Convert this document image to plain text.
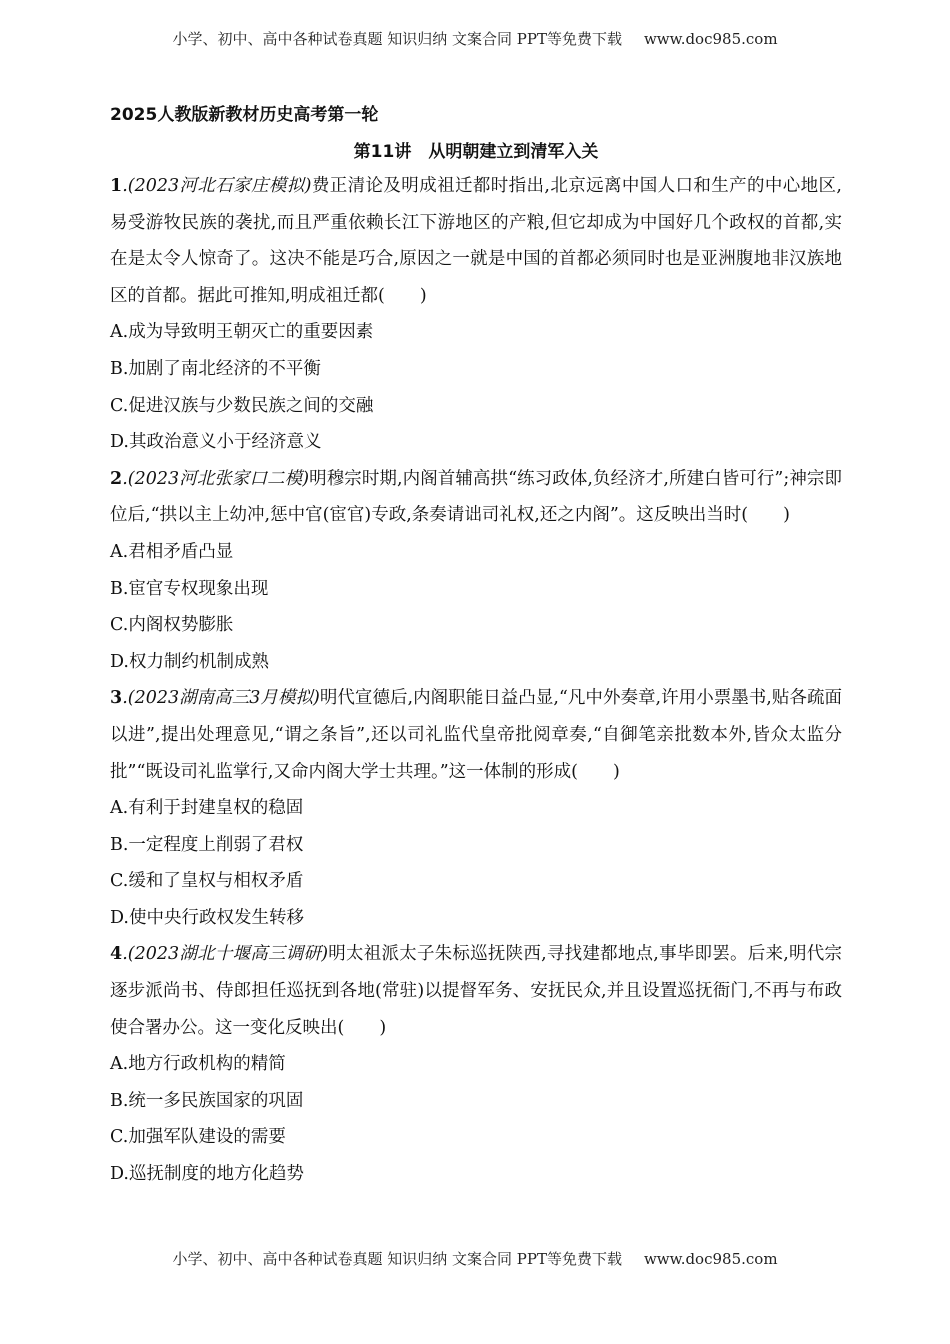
小学、初中、高中各种试卷真题 知识归纳 文案合同 PPT等免费下载 www.doc985.com

2025人教版新教材历史高考第一轮

第11讲　从明朝建立到清军入关

1.(2023河北石家庄模拟)费正清论及明成祖迁都时指出,北京远离中国人口和生产的中心地区,易受游牧民族的袭扰,而且严重依赖长江下游地区的产粮,但它却成为中国好几个政权的首都,实在是太令人惊奇了。这决不能是巧合,原因之一就是中国的首都必须同时也是亚洲腹地非汉族地区的首都。据此可推知,明成祖迁都(　　)

A.成为导致明王朝灭亡的重要因素

B.加剧了南北经济的不平衡

C.促进汉族与少数民族之间的交融

D.其政治意义小于经济意义

2.(2023河北张家口二模)明穆宗时期,内阁首辅高拱“练习政体,负经济才,所建白皆可行”;神宗即位后,“拱以主上幼冲,惩中官(宦官)专政,条奏请诎司礼权,还之内阁”。这反映出当时(　　)

A.君相矛盾凸显

B.宦官专权现象出现

C.内阁权势膨胀

D.权力制约机制成熟

3.(2023湖南高三3月模拟)明代宣德后,内阁职能日益凸显,“凡中外奏章,许用小票墨书,贴各疏面以进”,提出处理意见,“谓之条旨”,还以司礼监代皇帝批阅章奏,“自御笔亲批数本外,皆众太监分批”“既设司礼监掌行,又命内阁大学士共理。”这一体制的形成(　　)

A.有利于封建皇权的稳固

B.一定程度上削弱了君权

C.缓和了皇权与相权矛盾

D.使中央行政权发生转移

4.(2023湖北十堰高三调研)明太祖派太子朱标巡抚陕西,寻找建都地点,事毕即罢。后来,明代宗逐步派尚书、侍郎担任巡抚到各地(常驻)以提督军务、安抚民众,并且设置巡抚衙门,不再与布政使合署办公。这一变化反映出(　　)

A.地方行政机构的精简

B.统一多民族国家的巩固

C.加强军队建设的需要

D.巡抚制度的地方化趋势

小学、初中、高中各种试卷真题 知识归纳 文案合同 PPT等免费下载 www.doc985.com
